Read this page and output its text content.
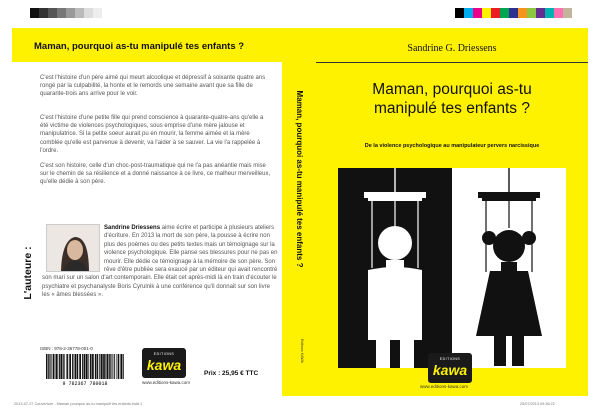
Maman, pourquoi as-tu manipulé tes enfants ?

C'est l'histoire d'un père aimé qui meurt alcoolique et dépressif à soixante quatre ans rongé par la culpabilité, la honte et le remords une semaine avant que sa fille de quarante-trois ans arrive pour le voir.

C'est l'histoire d'une petite fille qui prend conscience à quarante-quatre-ans qu'elle a été victime de violences psychologiques, sous emprise d'une mère jalouse et manipulatrice. Si la petite soeur aurait pu en mourir, la femme aimée et la mère comblée qu'elle est parvenue à devenir, va l'aider à se sauver. La vie l'a rappelée à l'ordre.

C'est son histoire, celle d'un choc-post-traumatique qui ne l'a pas anéantie mais mise sur le chemin de sa résilience et a donné naissance à ce livre, ce malheur merveilleux, qu'elle dédie à son père.

L'auteure :
Sandrine Driessens aime écrire et participe à plusieurs ateliers d'écriture. En 2013 la mort de son père, la pousse à écrire non plus des poèmes ou des petits textes mais un témoignage sur la violence psychologique. Elle panse ses blessures pour ne pas en mourir. Elle dédie ce témoignage à la mémoire de son père. Son rêve d'être publiée sera exaucé par un éditeur qui avait rencontré son mari sur un salon d'art contemporain. Elle était cet après-midi là en train d'écouter le psychiatre et psychanalyste Boris Cyrulnik à une conférence qu'il donnait sur son livre les « âmes blessées ».
ISBN : 978-2-36778-001-0
9 782367 780018
EDITIONS
kawa
www.editions-kawa.com
Prix : 25,95 € TTC
Maman, pourquoi as-tu manipulé tes enfants ?
Editions KAWA
Sandrine G. Driessens
Maman, pourquoi as-tu
manipulé tes enfants ?
De la violence psychologique au manipulateur pervers narcissique
EDITIONS
kawa
www.editions-kawa.com
2013-07-27 Couverture - Maman pourquoi as-tu manipulé tes enfants.indd 1	25/07/2013 09:36:22
